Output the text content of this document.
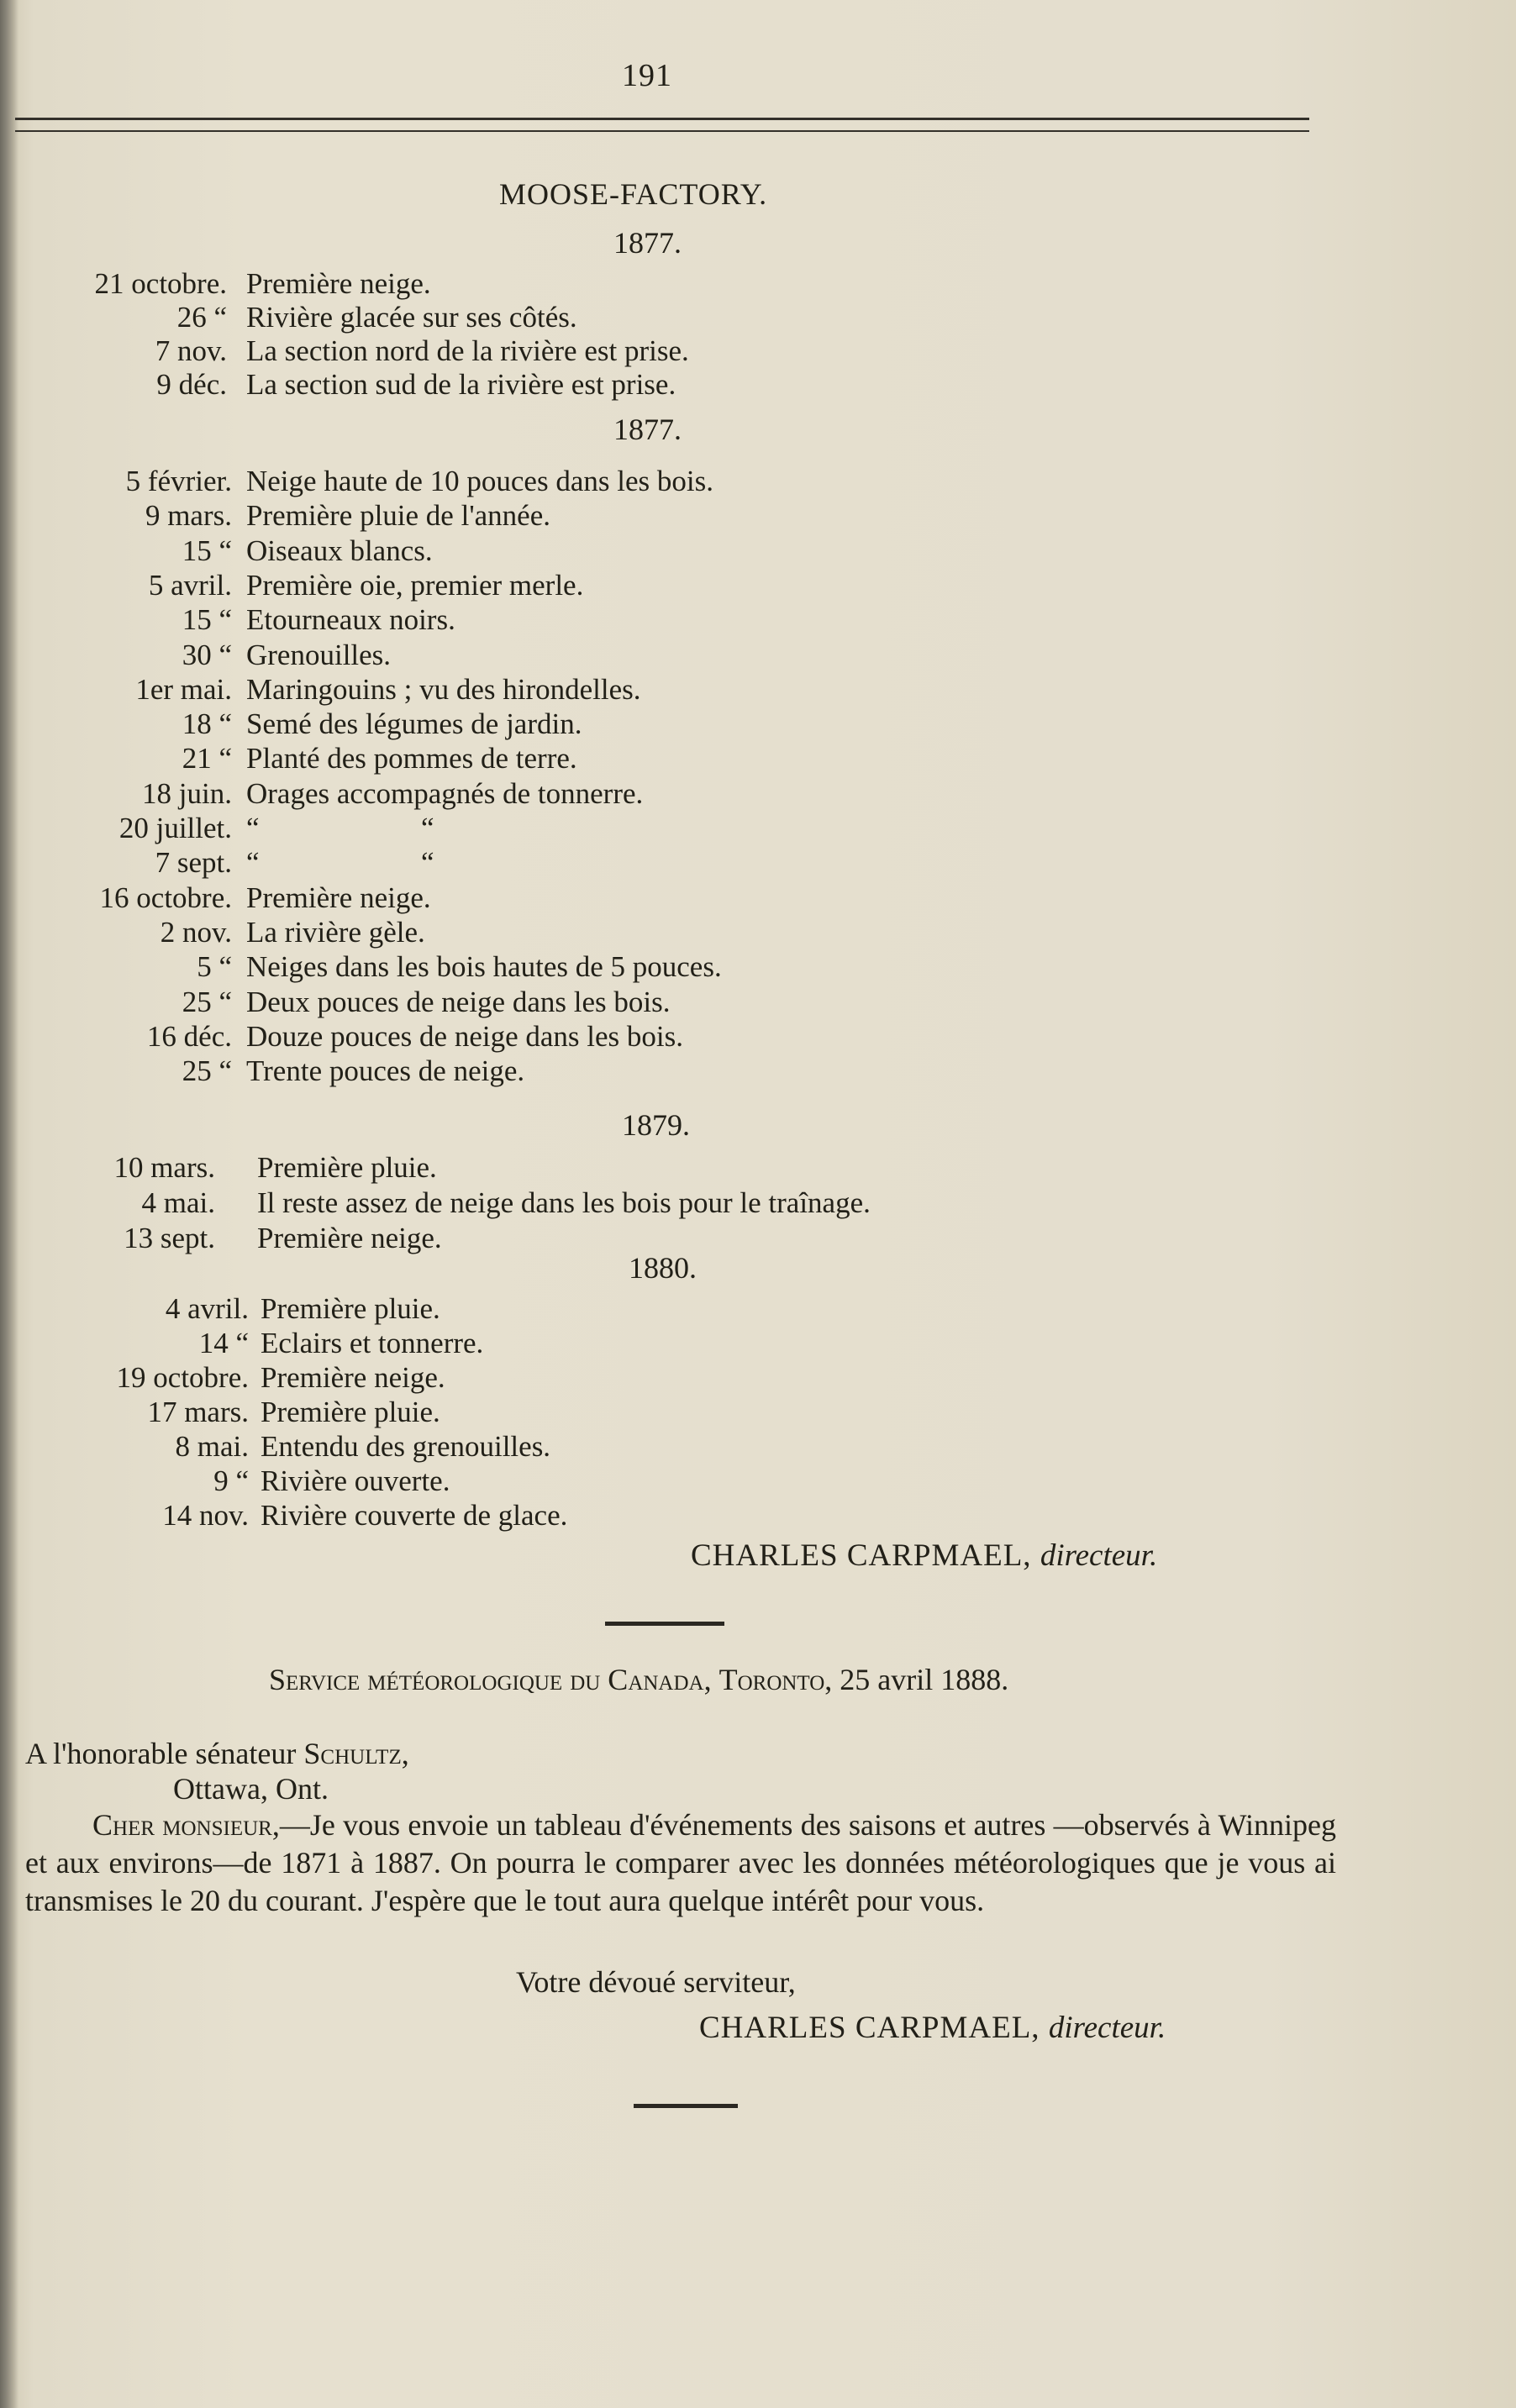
191
MOOSE-FACTORY.
1877.
21 octobre. Première neige.
26 “ Rivière glacée sur ses côtés.
7 nov. La section nord de la rivière est prise.
9 déc. La section sud de la rivière est prise.
1877.
5 février. Neige haute de 10 pouces dans les bois.
9 mars. Première pluie de l'année.
15 “ Oiseaux blancs.
5 avril. Première oie, premier merle.
15 “ Etourneaux noirs.
30 “ Grenouilles.
1er mai. Maringouins ; vu des hirondelles.
18 “ Semé des légumes de jardin.
21 “ Planté des pommes de terre.
18 juin. Orages accompagnés de tonnerre.
20 juillet. “                      “
7 sept. “                      “
16 octobre. Première neige.
2 nov. La rivière gèle.
5 “ Neiges dans les bois hautes de 5 pouces.
25 “ Deux pouces de neige dans les bois.
16 déc. Douze pouces de neige dans les bois.
25 “ Trente pouces de neige.
1879.
10 mars. Première pluie.
4 mai. Il reste assez de neige dans les bois pour le traînage.
13 sept. Première neige.
1880.
4 avril. Première pluie.
14 “ Eclairs et tonnerre.
19 octobre. Première neige.
17 mars. Première pluie.
8 mai. Entendu des grenouilles.
9 “ Rivière ouverte.
14 nov. Rivière couverte de glace.
CHARLES CARPMAEL, directeur.
Service météorologique du Canada, Toronto, 25 avril 1888.
A l'honorable sénateur Schultz,
Ottawa, Ont.
Cher monsieur,—Je vous envoie un tableau d'événements des saisons et autres —observés à Winnipeg et aux environs—de 1871 à 1887. On pourra le comparer avec les données météorologiques que je vous ai transmises le 20 du courant. J'espère que le tout aura quelque intérêt pour vous.
Votre dévoué serviteur,
CHARLES CARPMAEL, directeur.
